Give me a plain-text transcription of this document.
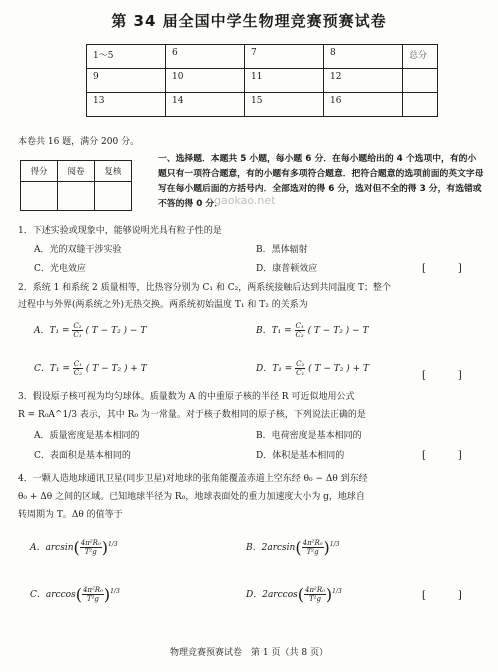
第 34 届全国中学生物理竞赛预赛试卷
1～5	6	7	8	总分
9	10	11	12	
13	14	15	16	
本卷共 16 题，满分 200 分。
得分	阅卷	复核

一、选择题．本题共 5 小题，每小题 6 分．在每小题给出的 4 个选项中，有的小题只有一项符合题意，有的小题有多项符合题意．把符合题意的选项前面的英文字母写在每小题后面的方括号内．全部选对的得 6 分，选对但不全的得 3 分，有选错或不答的得 0 分．
gaokao.net
1．下述实验或现象中，能够说明光具有粒子性的是
A．光的双缝干涉实验	B．黑体辐射
C．光电效应	D．康普顿效应	[　　]
2．系统 1 和系统 2 质量相等，比热容分别为 C₁ 和 C₂，两系统接触后达到共同温度 T；整个
过程中与外界(两系统之外)无热交换。两系统初始温度 T₁ 和 T₂ 的关系为
A．$T_1 = \frac{\text{C₂}}{\text{C₁}}$ ( T − T₂ ) − T	B．$T_1 = \frac{\text{C₁}}{\text{C₂}}$ ( T − T₂ ) − T
C．$T_1 = \frac{\text{C₁}}{\text{C₂}}$ ( T − T₂ ) + T	D．$T_1 = \frac{\text{C₂}}{\text{C₁}}$ ( T − T₂ ) + T
[　　]
3．假设原子核可视为均匀球体。质量数为 A 的中重原子核的半径 R 可近似地用公式
R = R₀A^1/3 表示，其中 R₀ 为一常量。对于核子数相同的原子核，下列说法正确的是
A．质量密度是基本相同的	B．电荷密度是基本相同的
C．表面积是基本相同的	D．体积是基本相同的	[　　]
4．一颗人造地球通讯卫星(同步卫星)对地球的张角能覆盖赤道上空东经 θ₀ − Δθ 到东经
θ₀ + Δθ 之间的区域。已知地球半径为 R₀，地球表面处的重力加速度大小为 g，地球自
转周期为 T。Δθ 的值等于
A．$\arcsin( \frac{\text{4π²R₀}}{\text{T²g}} )^{1/3}$	B．$2\arcsin( \frac{\text{4π²R₀}}{\text{T²g}} )^{1/3}$
C．$\arccos( \frac{\text{4π²R₀}}{\text{T²g}} )^{1/3}$	D．$2\arccos( \frac{\text{4π²R₀}}{\text{T²g}} )^{1/3}$	[　　]
物理竞赛预赛试卷　第 1 页（共 8 页）
